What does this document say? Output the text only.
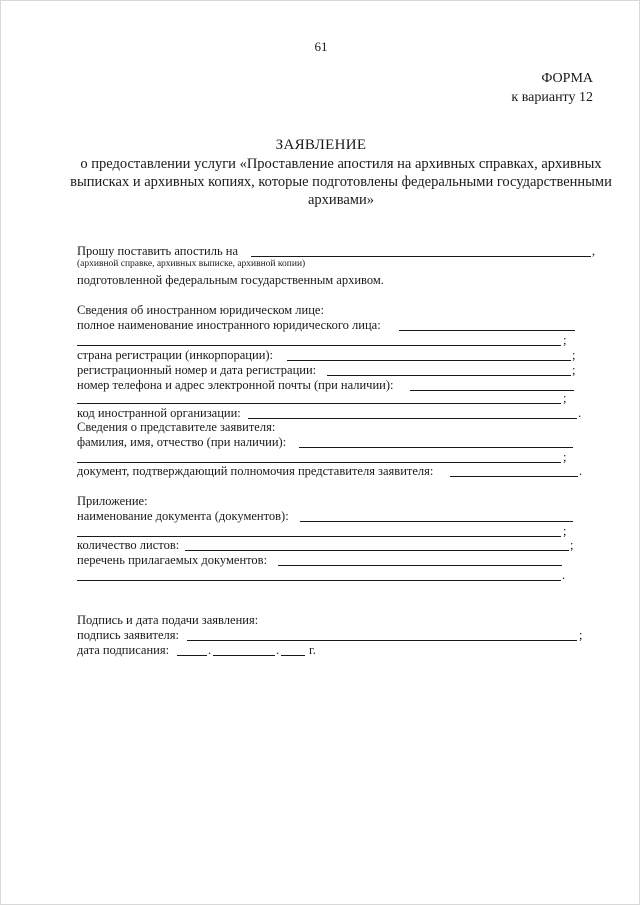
61
ФОРМА
к варианту 12
ЗАЯВЛЕНИЕ
о предоставлении услуги «Проставление апостиля на архивных справках, архивных выписках и архивных копиях, которые подготовлены федеральными государственными архивами»
Прошу поставить апостиль на	,
(архивной справке, архивных выписке, архивной копии)
подготовленной федеральным государственным архивом.
Сведения об иностранном юридическом лице:
полное наименование иностранного юридического лица:
;
страна регистрации (инкорпорации):	;
регистрационный номер и дата регистрации:	;
номер телефона и адрес электронной почты (при наличии):
;
код иностранной организации:	.
Сведения о представителе заявителя:
фамилия, имя, отчество (при наличии):
;
документ, подтверждающий полномочия представителя заявителя:	.
Приложение:
наименование документа (документов):
;
количество листов:	;
перечень прилагаемых документов:
.
Подпись и дата подачи заявления:
подпись заявителя:	;
дата подписания:	.	. г.
